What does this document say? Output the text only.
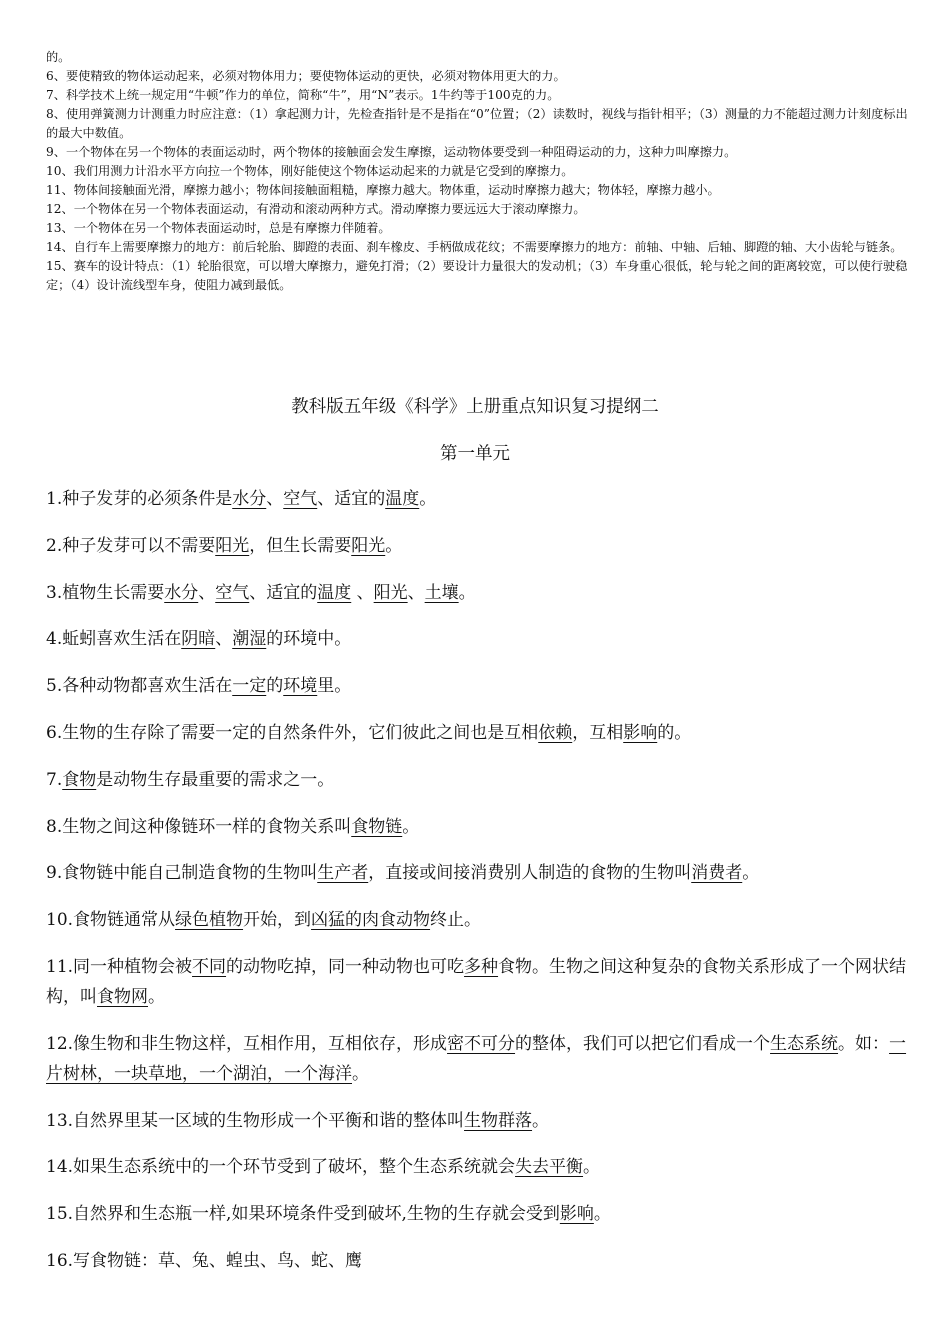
的。

6、要使精致的物体运动起来，必须对物体用力；要使物体运动的更快，必须对物体用更大的力。

7、科学技术上统一规定用“牛顿”作力的单位，简称“牛”，用“N”表示。1牛约等于100克的力。

8、使用弹簧测力计测重力时应注意：（1）拿起测力计，先检查指针是不是指在“0”位置；（2）读数时，视线与指针相平；（3）测量的力不能超过测力计刻度标出的最大中数值。

9、一个物体在另一个物体的表面运动时，两个物体的接触面会发生摩擦，运动物体要受到一种阻碍运动的力，这种力叫摩擦力。

10、我们用测力计沿水平方向拉一个物体，刚好能使这个物体运动起来的力就是它受到的摩擦力。

11、物体间接触面光滑，摩擦力越小；物体间接触面粗糙，摩擦力越大。物体重，运动时摩擦力越大；物体轻，摩擦力越小。

12、一个物体在另一个物体表面运动，有滑动和滚动两种方式。滑动摩擦力要远远大于滚动摩擦力。

13、一个物体在另一个物体表面运动时，总是有摩擦力伴随着。

14、自行车上需要摩擦力的地方：前后轮胎、脚蹬的表面、刹车橡皮、手柄做成花纹；不需要摩擦力的地方：前轴、中轴、后轴、脚蹬的轴、大小齿轮与链条。

15、赛车的设计特点：（1）轮胎很宽，可以增大摩擦力，避免打滑；（2）要设计力量很大的发动机；（3）车身重心很低，轮与轮之间的距离较宽，可以使行驶稳定；（4）设计流线型车身，使阻力减到最低。

教科版五年级《科学》上册重点知识复习提纲二
第一单元

1.种子发芽的必须条件是水分、空气、适宜的温度。

2.种子发芽可以不需要阳光，但生长需要阳光。

3.植物生长需要水分、空气、适宜的温度 、阳光、土壤。

4.蚯蚓喜欢生活在阴暗、潮湿的环境中。

5.各种动物都喜欢生活在一定的环境里。

6.生物的生存除了需要一定的自然条件外，它们彼此之间也是互相依赖，互相影响的。

7.食物是动物生存最重要的需求之一。

8.生物之间这种像链环一样的食物关系叫食物链。

9.食物链中能自己制造食物的生物叫生产者，直接或间接消费别人制造的食物的生物叫消费者。

10.食物链通常从绿色植物开始，到凶猛的肉食动物终止。

11.同一种植物会被不同的动物吃掉，同一种动物也可吃多种食物。生物之间这种复杂的食物关系形成了一个网状结构，叫食物网。

12.像生物和非生物这样，互相作用，互相依存，形成密不可分的整体，我们可以把它们看成一个生态系统。如：一片树林，一块草地，一个湖泊，一个海洋。

13.自然界里某一区域的生物形成一个平衡和谐的整体叫生物群落。

14.如果生态系统中的一个环节受到了破坏，整个生态系统就会失去平衡。

15.自然界和生态瓶一样,如果环境条件受到破坏,生物的生存就会受到影响。

16.写食物链：草、兔、蝗虫、鸟、蛇、鹰
